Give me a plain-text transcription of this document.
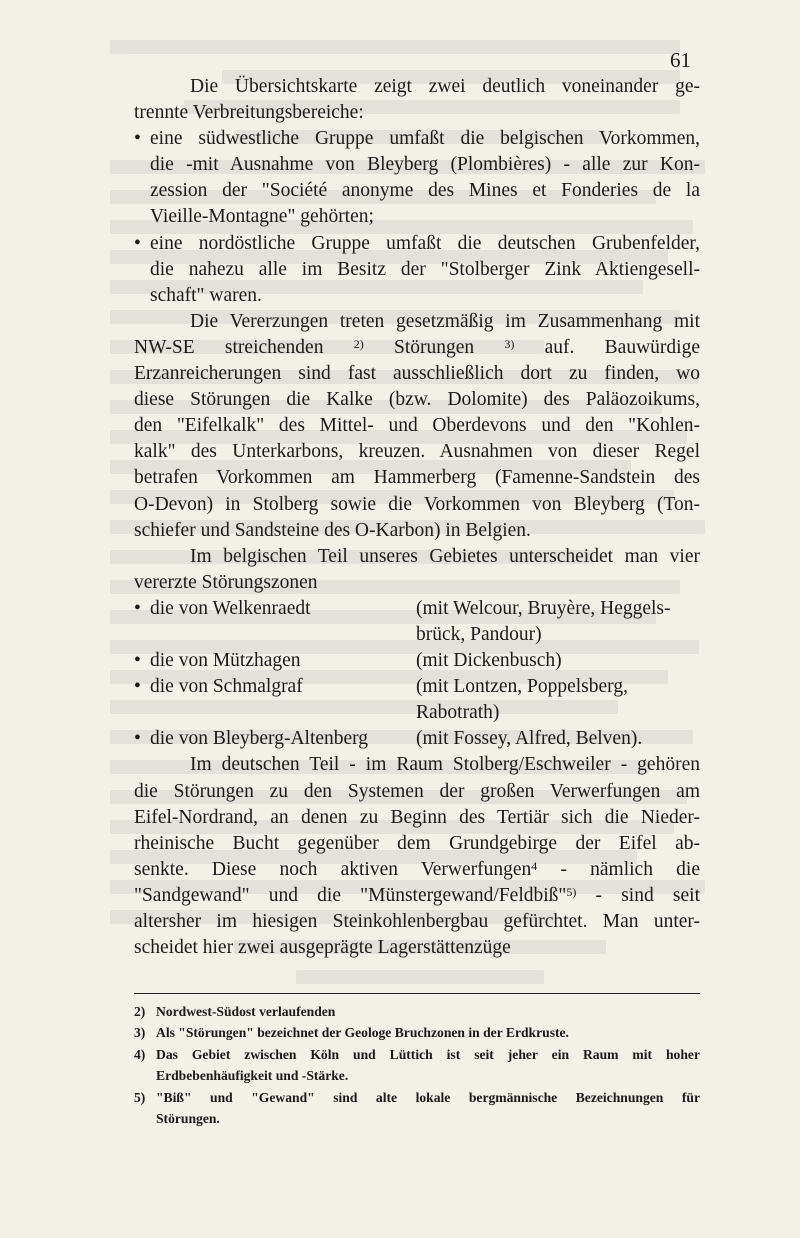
61
Die Übersichtskarte zeigt zwei deutlich voneinander ge-
trennte Verbreitungsbereiche:
• eine südwestliche Gruppe umfaßt die belgischen Vorkommen,
die -mit Ausnahme von Bleyberg (Plombières) - alle zur Kon-
zession der "Société anonyme des Mines et Fonderies de la
Vieille-Montagne" gehörten;
• eine nordöstliche Gruppe umfaßt die deutschen Grubenfelder,
die nahezu alle im Besitz der "Stolberger Zink Aktiengesell-
schaft" waren.
Die Vererzungen treten gesetzmäßig im Zusammenhang mit
NW-SE streichenden $^{2)}$ Störungen $^{3)}$ auf. Bauwürdige
Erzanreicherungen sind fast ausschließlich dort zu finden, wo
diese Störungen die Kalke (bzw. Dolomite) des Paläozoikums,
den "Eifelkalk" des Mittel- und Oberdevons und den "Kohlen-
kalk" des Unterkarbons, kreuzen. Ausnahmen von dieser Regel
betrafen Vorkommen am Hammerberg (Famenne-Sandstein des
O-Devon) in Stolberg sowie die Vorkommen von Bleyberg (Ton-
schiefer und Sandsteine des O-Karbon) in Belgien.
Im belgischen Teil unseres Gebietes unterscheidet man vier
vererzte Störungszonen
• die von Welkenraedt	(mit Welcour, Bruyère, Heggels-
brück, Pandour)
• die von Mützhagen	(mit Dickenbusch)
• die von Schmalgraf	(mit Lontzen, Poppelsberg,
Rabotrath)
• die von Bleyberg-Altenberg	(mit Fossey, Alfred, Belven).
Im deutschen Teil - im Raum Stolberg/Eschweiler - gehören
die Störungen zu den Systemen der großen Verwerfungen am
Eifel-Nordrand, an denen zu Beginn des Tertiär sich die Nieder-
rheinische Bucht gegenüber dem Grundgebirge der Eifel ab-
senkte. Diese noch aktiven Verwerfungen$^4$ - nämlich die
"Sandgewand" und die "Münstergewand/Feldbiß"$^{5)}$ - sind seit
altersher im hiesigen Steinkohlenbergbau gefürchtet. Man unter-
scheidet hier zwei ausgeprägte Lagerstättenzüge
2) Nordwest-Südost verlaufenden
3) Als "Störungen" bezeichnet der Geologe Bruchzonen in der Erdkruste.
4) Das Gebiet zwischen Köln und Lüttich ist seit jeher ein Raum mit hoher
Erdbebenhäufigkeit und -Stärke.
5) "Biß" und "Gewand" sind alte lokale bergmännische Bezeichnungen für
Störungen.
